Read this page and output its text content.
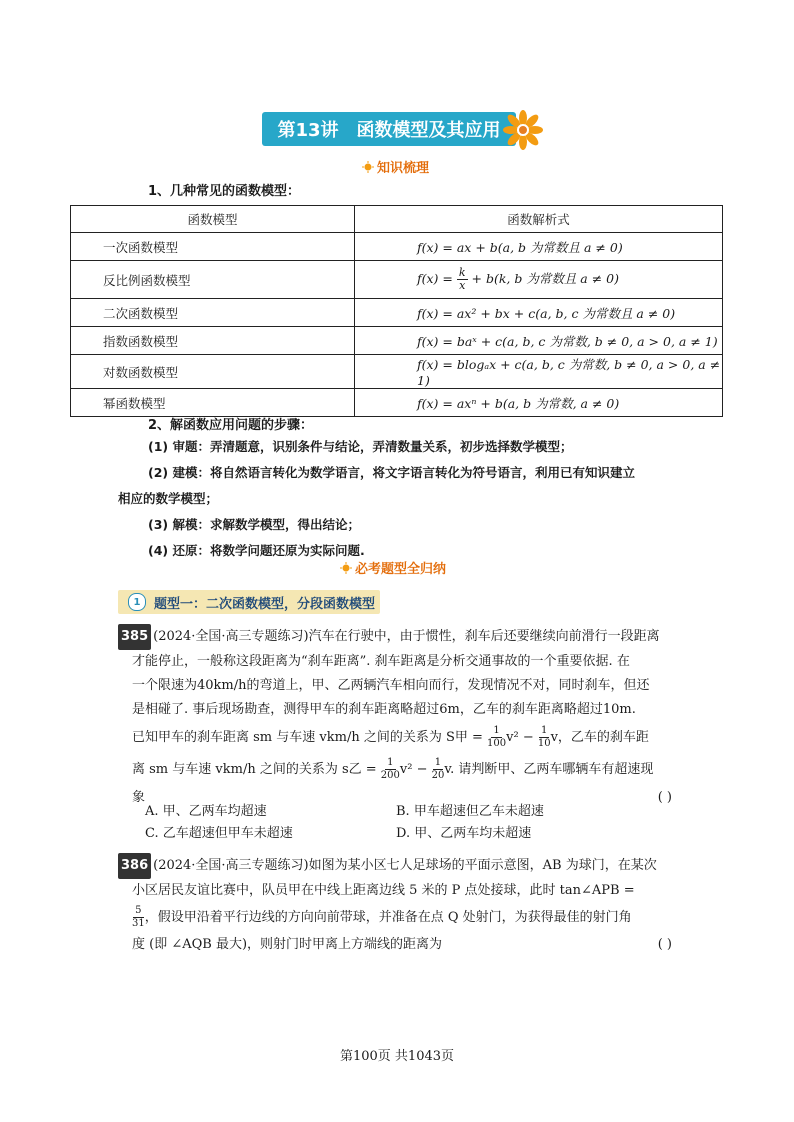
第13讲 函数模型及其应用
知识梳理
1、几种常见的函数模型：
函数模型	函数解析式
一次函数模型	f(x) = ax + b(a, b 为常数且 a ≠ 0)
反比例函数模型	$f(x) = \frac{k}{x} + b(k$, b 为常数且 a ≠ 0)
二次函数模型	f(x) = ax² + bx + c(a, b, c 为常数且 a ≠ 0)
指数函数模型	f(x) = baˣ + c(a, b, c 为常数, b ≠ 0, a > 0, a ≠ 1)
对数函数模型	f(x) = blogₐx + c(a, b, c 为常数, b ≠ 0, a > 0, a ≠ 1)
幂函数模型	f(x) = axⁿ + b(a, b 为常数, a ≠ 0)
2、解函数应用问题的步骤：

(1) 审题：弄清题意，识别条件与结论，弄清数量关系，初步选择数学模型；

(2) 建模：将自然语言转化为数学语言，将文字语言转化为符号语言，利用已有知识建立

相应的数学模型；

(3) 解模：求解数学模型，得出结论；

(4) 还原：将数学问题还原为实际问题.

必考题型全归纳
1	题型一：二次函数模型，分段函数模型
385 (2024·全国·高三专题练习)汽车在行驶中，由于惯性，刹车后还要继续向前滑行一段距离
才能停止，一般称这段距离为“刹车距离”. 刹车距离是分析交通事故的一个重要依据. 在
一个限速为40km/h的弯道上，甲、乙两辆汽车相向而行，发现情况不对，同时刹车，但还
是相碰了. 事后现场勘查，测得甲车的刹车距离略超过6m，乙车的刹车距离略超过10m.
已知甲车的刹车距离 sm 与车速 vkm/h 之间的关系为 S甲 = $\frac{1}{100} v^2 - \frac{1}{10}$ v，乙车的刹车距
离 sm 与车速 vkm/h 之间的关系为 s乙 = $\frac{1}{200} v^2 - \frac{1}{20} v$. 请判断甲、乙两车哪辆车有超速现
象	( )
A. 甲、乙两车均超速	B. 甲车超速但乙车未超速
C. 乙车超速但甲车未超速	D. 甲、乙两车均未超速
386 (2024·全国·高三专题练习)如图为某小区七人足球场的平面示意图，AB 为球门，在某次
小区居民友谊比赛中，队员甲在中线上距离边线 5 米的 P 点处接球，此时 tan∠APB =
$\frac{5}{31}$ ，假设甲沿着平行边线的方向向前带球，并准备在点 Q 处射门，为获得最佳的射门角
度 (即 ∠AQB 最大)，则射门时甲离上方端线的距离为	( )
第100页 共1043页
